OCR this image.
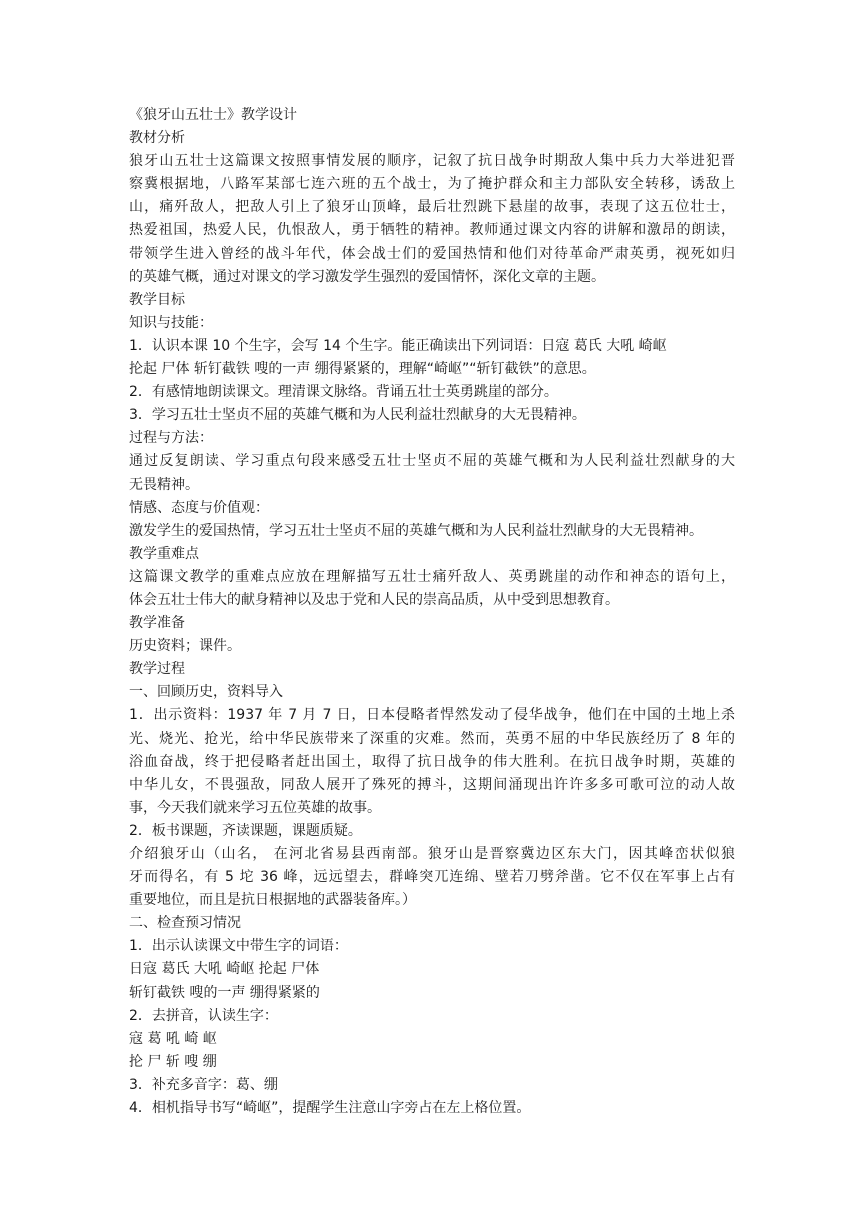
《狼牙山五壮士》教学设计
教材分析
狼牙山五壮士这篇课文按照事情发展的顺序，记叙了抗日战争时期敌人集中兵力大举进犯晋
察冀根据地，八路军某部七连六班的五个战士，为了掩护群众和主力部队安全转移，诱敌上
山，痛歼敌人，把敌人引上了狼牙山顶峰，最后壮烈跳下悬崖的故事，表现了这五位壮士，
热爱祖国，热爱人民，仇恨敌人，勇于牺牲的精神。教师通过课文内容的讲解和激昂的朗读，
带领学生进入曾经的战斗年代，体会战士们的爱国热情和他们对待革命严肃英勇，视死如归
的英雄气概，通过对课文的学习激发学生强烈的爱国情怀，深化文章的主题。
教学目标
知识与技能：
1．认识本课 10 个生字，会写 14 个生字。能正确读出下列词语：日寇 葛氏 大吼 崎岖
抡起 尸体 斩钉截铁 嗖的一声 绷得紧紧的，理解“崎岖”“斩钉截铁”的意思。
2．有感情地朗读课文。理清课文脉络。背诵五壮士英勇跳崖的部分。
3．学习五壮士坚贞不屈的英雄气概和为人民利益壮烈献身的大无畏精神。
过程与方法：
通过反复朗读、学习重点句段来感受五壮士坚贞不屈的英雄气概和为人民利益壮烈献身的大
无畏精神。
情感、态度与价值观：
激发学生的爱国热情，学习五壮士坚贞不屈的英雄气概和为人民利益壮烈献身的大无畏精神。
教学重难点
这篇课文教学的重难点应放在理解描写五壮士痛歼敌人、英勇跳崖的动作和神态的语句上，
体会五壮士伟大的献身精神以及忠于党和人民的崇高品质，从中受到思想教育。
教学准备
历史资料；课件。
教学过程
一、回顾历史，资料导入
1．出示资料：1937 年 7 月 7 日，日本侵略者悍然发动了侵华战争，他们在中国的土地上杀
光、烧光、抢光，给中华民族带来了深重的灾难。然而，英勇不屈的中华民族经历了 8 年的
浴血奋战，终于把侵略者赶出国土，取得了抗日战争的伟大胜利。在抗日战争时期，英雄的
中华儿女，不畏强敌，同敌人展开了殊死的搏斗，这期间涌现出许许多多可歌可泣的动人故
事，今天我们就来学习五位英雄的故事。
2．板书课题，齐读课题，课题质疑。
介绍狼牙山（山名， 在河北省易县西南部。狼牙山是晋察冀边区东大门，因其峰峦状似狼
牙而得名，有 5 坨 36 峰，远远望去，群峰突兀连绵、壁若刀劈斧凿。它不仅在军事上占有
重要地位，而且是抗日根据地的武器装备库。）
二、检查预习情况
1．出示认读课文中带生字的词语：
日寇 葛氏 大吼 崎岖 抡起 尸体
斩钉截铁 嗖的一声 绷得紧紧的
2．去拼音，认读生字：
寇 葛 吼 崎 岖
抡 尸 斩 嗖 绷
3．补充多音字：葛、绷
4．相机指导书写“崎岖”，提醒学生注意山字旁占在左上格位置。
